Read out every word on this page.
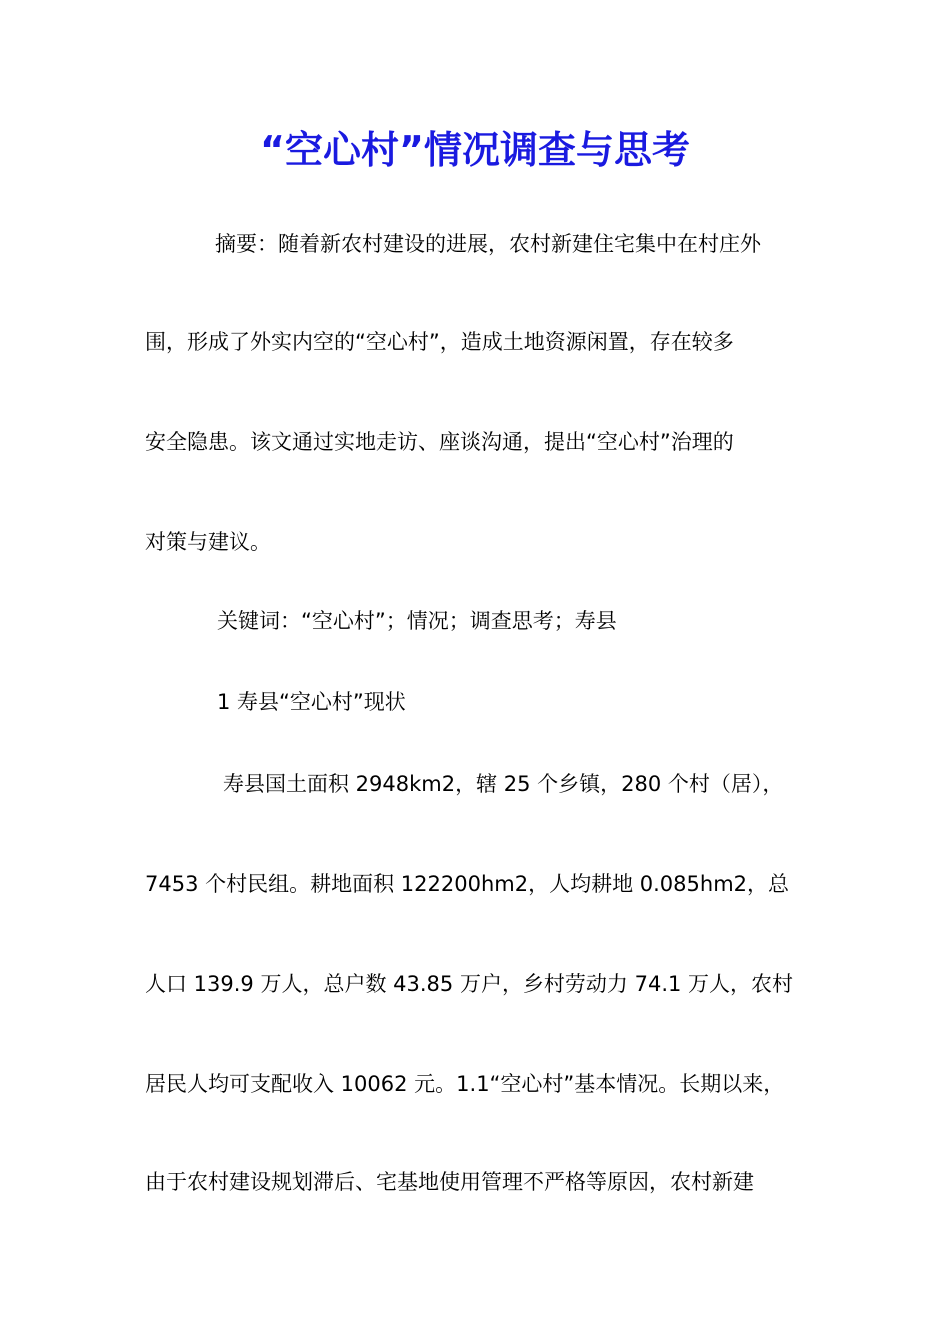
“空心村”情况调查与思考

摘要：随着新农村建设的进展，农村新建住宅集中在村庄外

围，形成了外实内空的“空心村”，造成土地资源闲置，存在较多

安全隐患。该文通过实地走访、座谈沟通，提出“空心村”治理的

对策与建议。

关键词：“空心村”；情况；调查思考；寿县

1 寿县“空心村”现状

寿县国土面积 2948km2，辖 25 个乡镇，280 个村（居），

7453 个村民组。耕地面积 122200hm2，人均耕地 0.085hm2，总

人口 139.9 万人，总户数 43.85 万户，乡村劳动力 74.1 万人，农村

居民人均可支配收入 10062 元。1.1“空心村”基本情况。长期以来，

由于农村建设规划滞后、宅基地使用管理不严格等原因，农村新建
